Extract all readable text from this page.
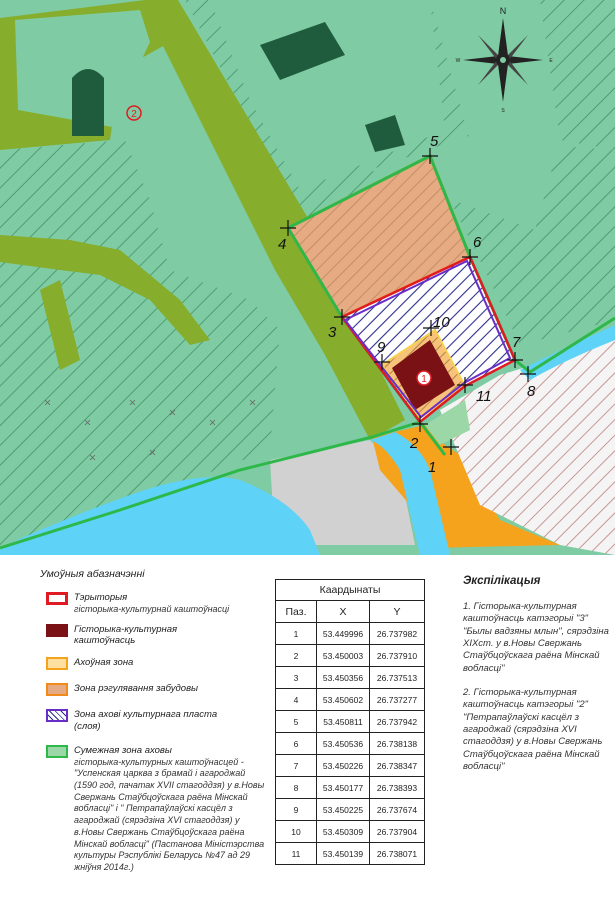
1
2
3
4
5
6
7
8
9
10
11
1
2
N
S
E
W
Умоўныя абазначэнні
Тэрыторыя
гісторыка-культурнай каштоўнасці
Гісторыка-культурная каштоўнасць
Ахоўная зона
Зона рэгулявання забудовы
Зона ахові культурнага пласта (слоя)
Сумежная зона аховы
гісторыка-культурных каштоўнасцей - "Успенская царква з брамай і агароджай (1590 год, пачатак XVII стагоддзя) у в.Новы Свержань Стаўбцоўскага раёна Мінскай вобласці" і " Петрапаўлаўскі касцёл з агароджай (сярэдзіна XVI стагоддзя) у в.Новы Свержань Стаўбцоўскага раёна Мінскай вобласці" (Пастанова Міністэрства культуры Рэспублікі Беларусь №47 ад 29 жніўня 2014г.)
Каардынаты		
Паз.	X	Y
1	53.449996	26.737982
2	53.450003	26.737910
3	53.450356	26.737513
4	53.450602	26.737277
5	53.450811	26.737942
6	53.450536	26.738138
7	53.450226	26.738347
8	53.450177	26.738393
9	53.450225	26.737674
10	53.450309	26.737904
11	53.450139	26.738071
Экспілікацыя
1. Гісторыка-культурная каштоўнасць катэгорыі "3" "Былы вадзяны млын", сярэдзіна XIXст. у в.Новы Свержань Стаўбцоўскага раёна Мінскай вобласці"
2. Гісторыка-культурная каштоўнасць катэгорыі "2" "Петрапаўлаўскі касцёл з агароджай (сярэдзіна XVI стагоддзя) у в.Новы Свержань Стаўбцоўскага раёна Мінскай вобласці"
